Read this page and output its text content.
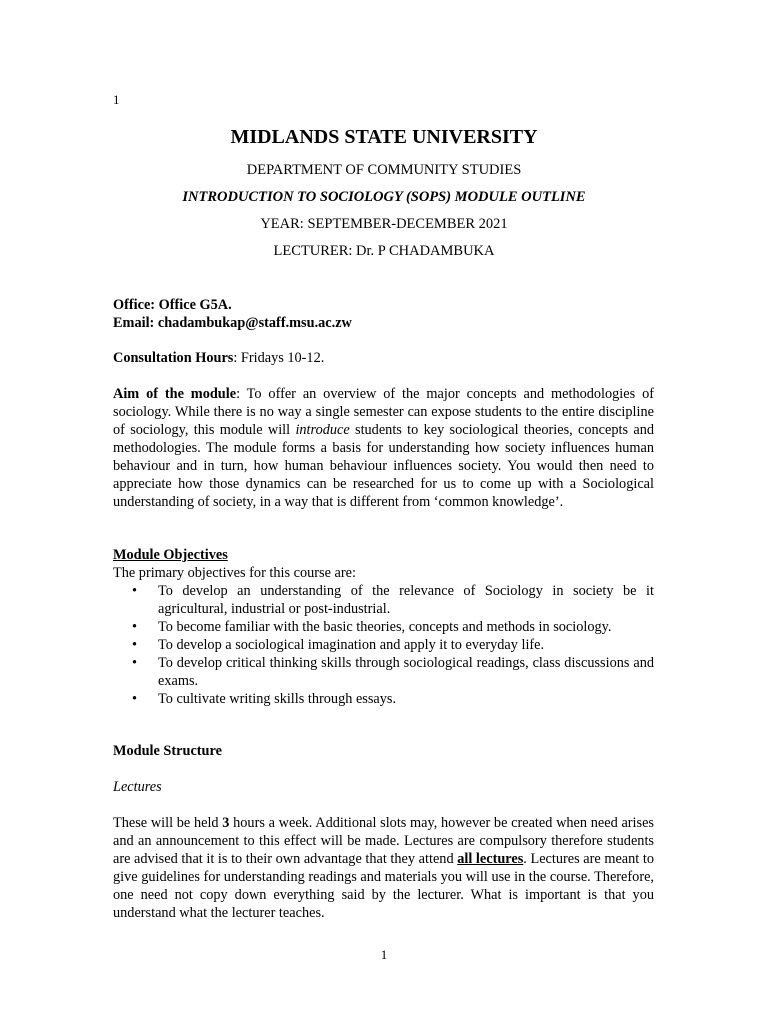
1
MIDLANDS STATE UNIVERSITY
DEPARTMENT OF COMMUNITY STUDIES
INTRODUCTION TO SOCIOLOGY (SOPS) MODULE OUTLINE
YEAR: SEPTEMBER-DECEMBER 2021
LECTURER: Dr. P CHADAMBUKA
Office: Office G5A.
Email: chadambukap@staff.msu.ac.zw
Consultation Hours: Fridays 10-12.
Aim of the module: To offer an overview of the major concepts and methodologies of sociology. While there is no way a single semester can expose students to the entire discipline of sociology, this module will introduce students to key sociological theories, concepts and methodologies. The module forms a basis for understanding how society influences human behaviour and in turn, how human behaviour influences society. You would then need to appreciate how those dynamics can be researched for us to come up with a Sociological understanding of society, in a way that is different from ‘common knowledge’.
Module Objectives
The primary objectives for this course are:
• To develop an understanding of the relevance of Sociology in society be it agricultural, industrial or post-industrial.
• To become familiar with the basic theories, concepts and methods in sociology.
• To develop a sociological imagination and apply it to everyday life.
• To develop critical thinking skills through sociological readings, class discussions and exams.
• To cultivate writing skills through essays.
Module Structure
Lectures
These will be held 3 hours a week. Additional slots may, however be created when need arises and an announcement to this effect will be made. Lectures are compulsory therefore students are advised that it is to their own advantage that they attend all lectures. Lectures are meant to give guidelines for understanding readings and materials you will use in the course. Therefore, one need not copy down everything said by the lecturer. What is important is that you understand what the lecturer teaches.
1
